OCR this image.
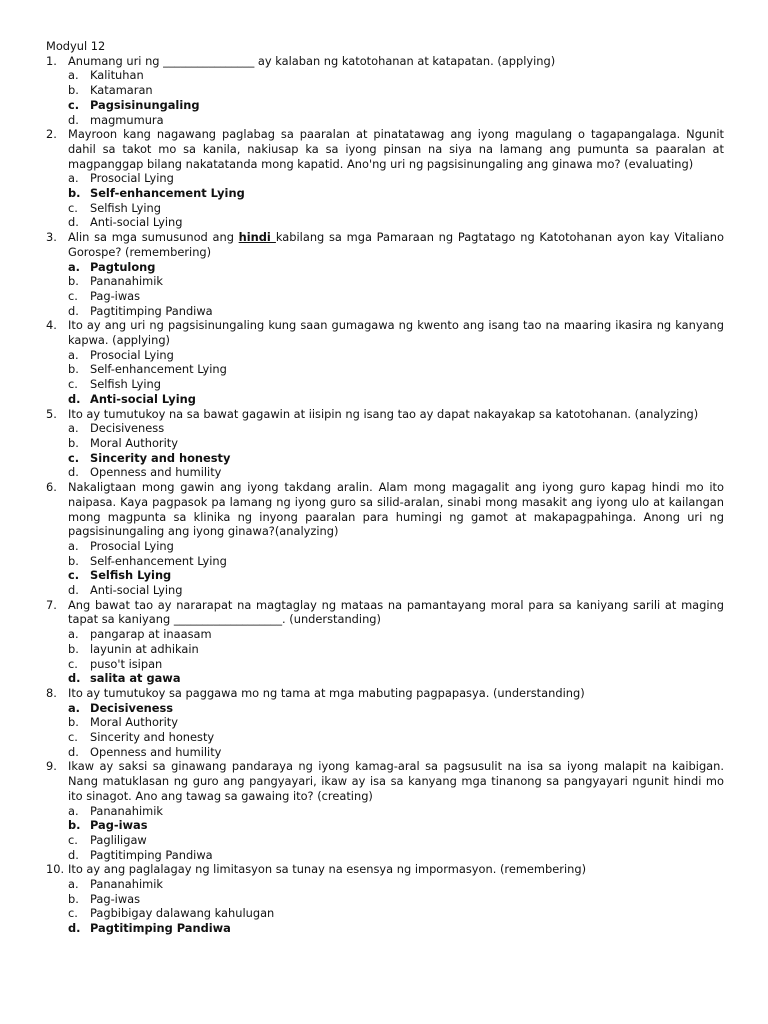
Modyul 12
1. Anumang uri ng ________________ ay kalaban ng katotohanan at katapatan. (applying)
a. Kalituhan
b. Katamaran
c. Pagsisinungaling
d. magmumura
2. Mayroon kang nagawang paglabag sa paaralan at pinatatawag ang iyong magulang o tagapangalaga. Ngunit dahil sa takot mo sa kanila, nakiusap ka sa iyong pinsan na siya na lamang ang pumunta sa paaralan at magpanggap bilang nakatatanda mong kapatid. Ano'ng uri ng pagsisinungaling ang ginawa mo? (evaluating)
a. Prosocial Lying
b. Self-enhancement Lying
c.	Selfish Lying
d. Anti-social Lying
3. Alin sa mga sumusunod ang hindi kabilang sa mga Pamaraan ng Pagtatago ng Katotohanan ayon kay Vitaliano Gorospe? (remembering)
a. Pagtulong
b. Pananahimik
c.	Pag-iwas
d. Pagtitimping Pandiwa
4. Ito ay ang uri ng pagsisinungaling kung saan gumagawa ng kwento ang isang tao na maaring ikasira ng kanyang kapwa. (applying)
a. Prosocial Lying
b. Self-enhancement Lying
c.	Selfish Lying
d. Anti-social Lying
5. Ito ay tumutukoy na sa bawat gagawin at iisipin ng isang tao ay dapat nakayakap sa katotohanan. (analyzing)
a. Decisiveness
b. Moral Authority
c. Sincerity and honesty
d. Openness and humility
6. Nakaligtaan mong gawin ang iyong takdang aralin. Alam mong magagalit ang iyong guro kapag hindi mo ito naipasa. Kaya pagpasok pa lamang ng iyong guro sa silid-aralan, sinabi mong masakit ang iyong ulo at kailangan mong magpunta sa klinika ng inyong paaralan para humingi ng gamot at makapagpahinga. Anong uri ng pagsisinungaling ang iyong ginawa?(analyzing)
a. Prosocial Lying
b. Self-enhancement Lying
c. Selfish Lying
d. Anti-social Lying
7. Ang bawat tao ay nararapat na magtaglay ng mataas na pamantayang moral para sa kaniyang sarili at maging tapat sa kaniyang ___________________. (understanding)
a. pangarap at inaasam
b. layunin at adhikain
c.	puso't isipan
d. salita at gawa
8. Ito ay tumutukoy sa paggawa mo ng tama at mga mabuting pagpapasya. (understanding)
a. Decisiveness
b. Moral Authority
c.	Sincerity and honesty
d. Openness and humility
9. Ikaw ay saksi sa ginawang pandaraya ng iyong kamag-aral sa pagsusulit na isa sa iyong malapit na kaibigan. Nang matuklasan ng guro ang pangyayari, ikaw ay isa sa kanyang mga tinanong sa pangyayari ngunit hindi mo ito sinagot. Ano ang tawag sa gawaing ito? (creating)
a. Pananahimik
b. Pag-iwas
c.	Pagliligaw
d. Pagtitimping Pandiwa
10. Ito ay ang paglalagay ng limitasyon sa tunay na esensya ng impormasyon. (remembering)
a. Pananahimik
b. Pag-iwas
c.	Pagbibigay dalawang kahulugan
d. Pagtitimping Pandiwa
